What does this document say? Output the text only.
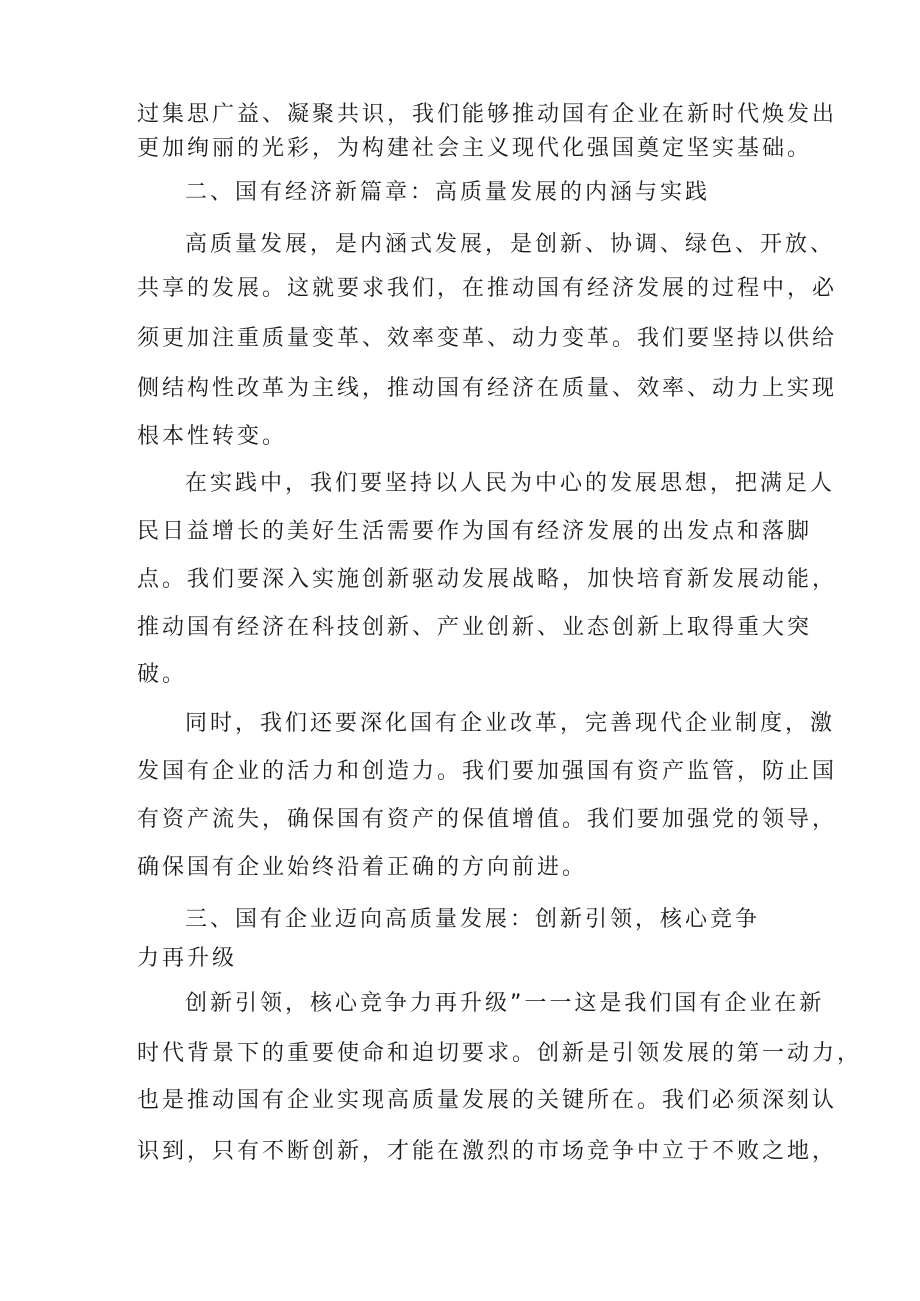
过集思广益、凝聚共识，我们能够推动国有企业在新时代焕发出
更加绚丽的光彩，为构建社会主义现代化强国奠定坚实基础。
二、国有经济新篇章：高质量发展的内涵与实践
高质量发展，是内涵式发展，是创新、协调、绿色、开放、
共享的发展。这就要求我们，在推动国有经济发展的过程中，必
须更加注重质量变革、效率变革、动力变革。我们要坚持以供给
侧结构性改革为主线，推动国有经济在质量、效率、动力上实现
根本性转变。
在实践中，我们要坚持以人民为中心的发展思想，把满足人
民日益增长的美好生活需要作为国有经济发展的出发点和落脚
点。我们要深入实施创新驱动发展战略，加快培育新发展动能，
推动国有经济在科技创新、产业创新、业态创新上取得重大突
破。
同时，我们还要深化国有企业改革，完善现代企业制度，激
发国有企业的活力和创造力。我们要加强国有资产监管，防止国
有资产流失，确保国有资产的保值增值。我们要加强党的领导，
确保国有企业始终沿着正确的方向前进。
三、国有企业迈向高质量发展：创新引领，核心竞争
力再升级
创新引领，核心竞争力再升级”一一这是我们国有企业在新
时代背景下的重要使命和迫切要求。创新是引领发展的第一动力，
也是推动国有企业实现高质量发展的关键所在。我们必须深刻认
识到，只有不断创新，才能在激烈的市场竞争中立于不败之地，
